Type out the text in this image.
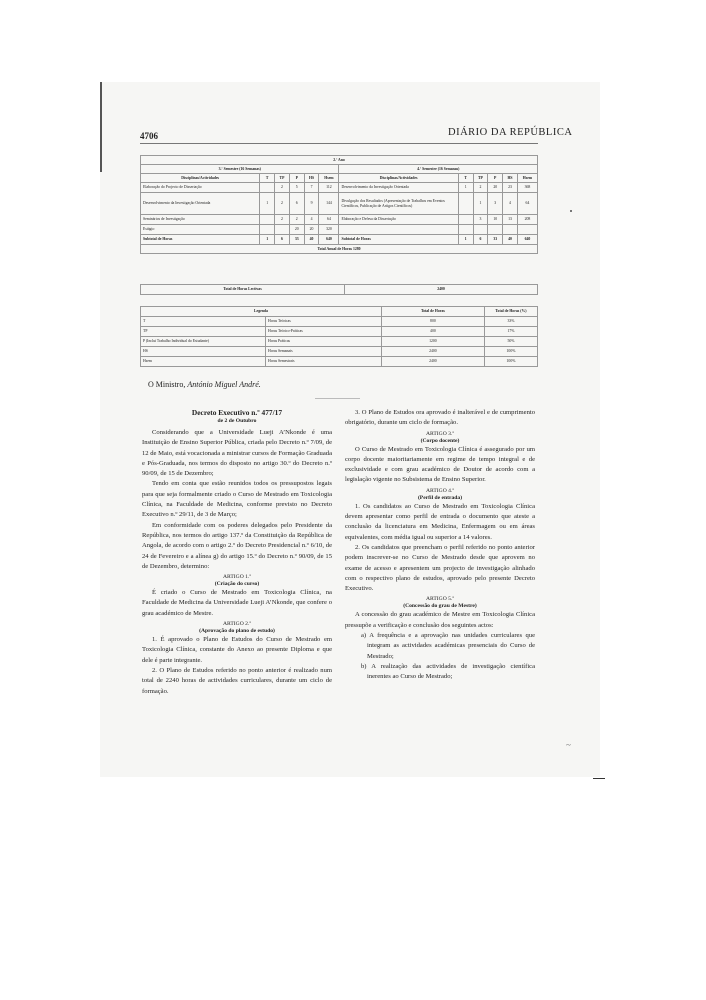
~
4706	DIÁRIO DA REPÚBLICA
2.º Ano											
3.º Semestre (16 Semanas)						4.º Semestre (16 Semanas)					
Disciplinas/Actividades	T	TP	P	HS	Hsem	Disciplinas/Actividades	T	TP	P	HS	Hsem
Elaboração do Projecto de Dissertação		2	5	7	112	Desenvolvimento da Investigação Orientada	1	2	20	23	368
Desenvolvimento da Investigação Orientada	1	2	6	9	144	Divulgação dos Resultados (Apresentação de Trabalhos em Eventos Científicos, Publicação de Artigos Científicos)		1	3	4	64
Seminários de Investigação		2	2	4	64	Elaboração e Defesa da Dissertação		3	10	13	208
Estágio			20	20	320						
Subtotal de Horas	1	6	33	40	640	Subtotal de Horas	1	6	33	40	640
Total Anual de Horas 1280											
Total de Horas Lectivas	2400
Legenda		Total de Horas	Total de Horas (%)
T	Horas Teóricas	800	33%
TP	Horas Teórico-Práticas	400	17%
P (Inclui Trabalho Individual do Estudante)	Horas Práticas	1200	50%
HS	Horas Semanais	2400	100%
Hsem	Horas Semestrais	2400	100%
O Ministro, António Miguel André.

Decreto Executivo n.º 477/17

de 2 de Outubro

Considerando que a Universidade Lueji A’Nkonde é uma Instituição de Ensino Superior Pública, criada pelo Decreto n.º 7/09, de 12 de Maio, está vocacionada a ministrar cursos de Formação Graduada e Pós-Graduada, nos termos do disposto no artigo 30.º do Decreto n.º 90/09, de 15 de Dezembro;

Tendo em conta que estão reunidos todos os pressupostos legais para que seja formalmente criado o Curso de Mestrado em Toxicologia Clínica, na Faculdade de Medicina, conforme previsto no Decreto Executivo n.º 29/11, de 3 de Março;

Em conformidade com os poderes delegados pelo Presidente da República, nos termos do artigo 137.º da Constituição da República de Angola, de acordo com o artigo 2.º do Decreto Presidencial n.º 6/10, de 24 de Fevereiro e a alínea g) do artigo 15.º do Decreto n.º 90/09, de 15 de Dezembro, determino:

ARTIGO 1.º

(Criação do curso)

É criado o Curso de Mestrado em Toxicologia Clínica, na Faculdade de Medicina da Universidade Lueji A’Nkonde, que confere o grau académico de Mestre.

ARTIGO 2.º

(Aprovação do plano de estudo)

1. É aprovado o Plano de Estudos do Curso de Mestrado em Toxicologia Clínica, constante do Anexo ao presente Diploma e que dele é parte integrante.

2. O Plano de Estudos referido no ponto anterior é realizado num total de 2240 horas de actividades curriculares, durante um ciclo de formação.

3. O Plano de Estudos ora aprovado é inalterável e de cumprimento obrigatório, durante um ciclo de formação.

ARTIGO 3.º

(Corpo docente)

O Curso de Mestrado em Toxicologia Clínica é assegurado por um corpo docente maioritariamente em regime de tempo integral e de exclusividade e com grau académico de Doutor de acordo com a legislação vigente no Subsistema de Ensino Superior.

ARTIGO 4.º

(Perfil de entrada)

1. Os candidatos ao Curso de Mestrado em Toxicologia Clínica devem apresentar como perfil de entrada o documento que ateste a conclusão da licenciatura em Medicina, Enfermagem ou em áreas equivalentes, com média igual ou superior a 14 valores.

2. Os candidatos que preencham o perfil referido no ponto anterior podem inscrever-se no Curso de Mestrado desde que aprovem no exame de acesso e apresentem um projecto de investigação alinhado com o respectivo plano de estudos, aprovado pelo presente Decreto Executivo.

ARTIGO 5.º

(Concessão do grau de Mestre)

A concessão do grau académico de Mestre em Toxicologia Clínica pressupõe a verificação e conclusão dos seguintes actos:

a) A frequência e a aprovação nas unidades curriculares que integram as actividades académicas presenciais do Curso de Mestrado;

b) A realização das actividades de investigação científica inerentes ao Curso de Mestrado;
